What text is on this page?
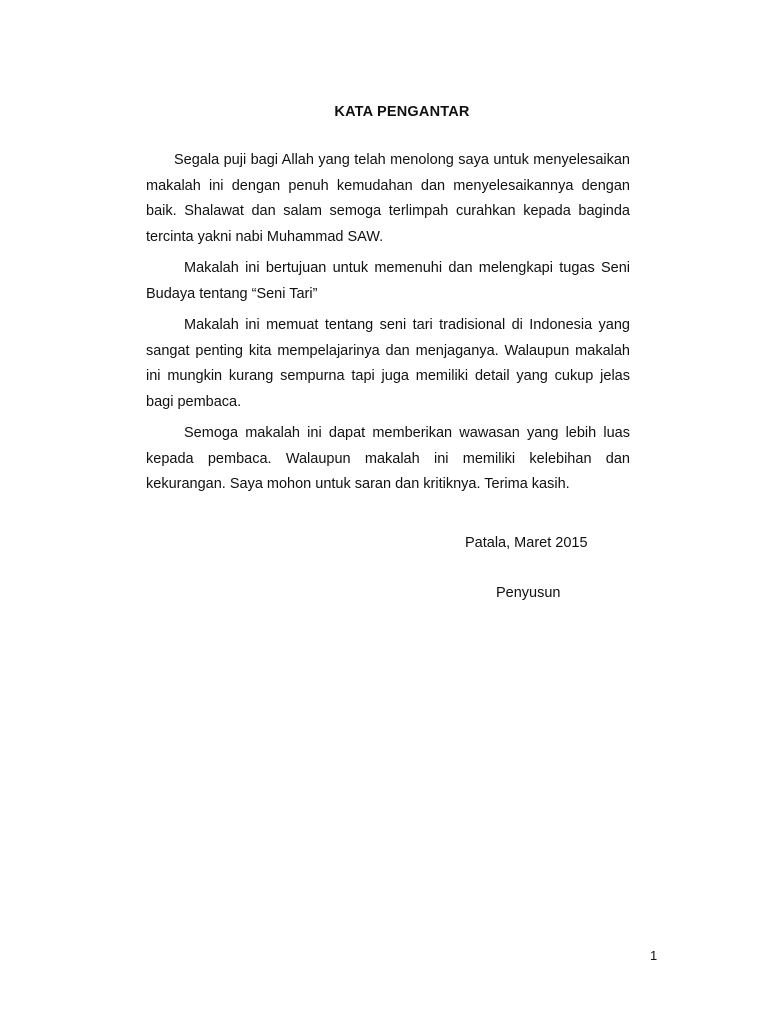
KATA PENGANTAR

Segala puji bagi Allah yang telah menolong saya untuk menyelesaikan makalah ini dengan penuh kemudahan dan menyelesaikannya dengan baik. Shalawat dan salam semoga terlimpah curahkan kepada baginda tercinta yakni nabi Muhammad SAW.

Makalah ini bertujuan untuk memenuhi dan melengkapi tugas Seni Budaya tentang “Seni Tari”

Makalah ini memuat tentang seni tari tradisional di Indonesia yang sangat penting kita mempelajarinya dan menjaganya. Walaupun makalah ini mungkin kurang sempurna tapi juga memiliki detail yang cukup jelas bagi pembaca.

Semoga makalah ini dapat memberikan wawasan yang lebih luas kepada pembaca. Walaupun makalah ini memiliki kelebihan dan kekurangan. Saya mohon untuk saran dan kritiknya. Terima kasih.

Patala, Maret 2015
Penyusun
1
